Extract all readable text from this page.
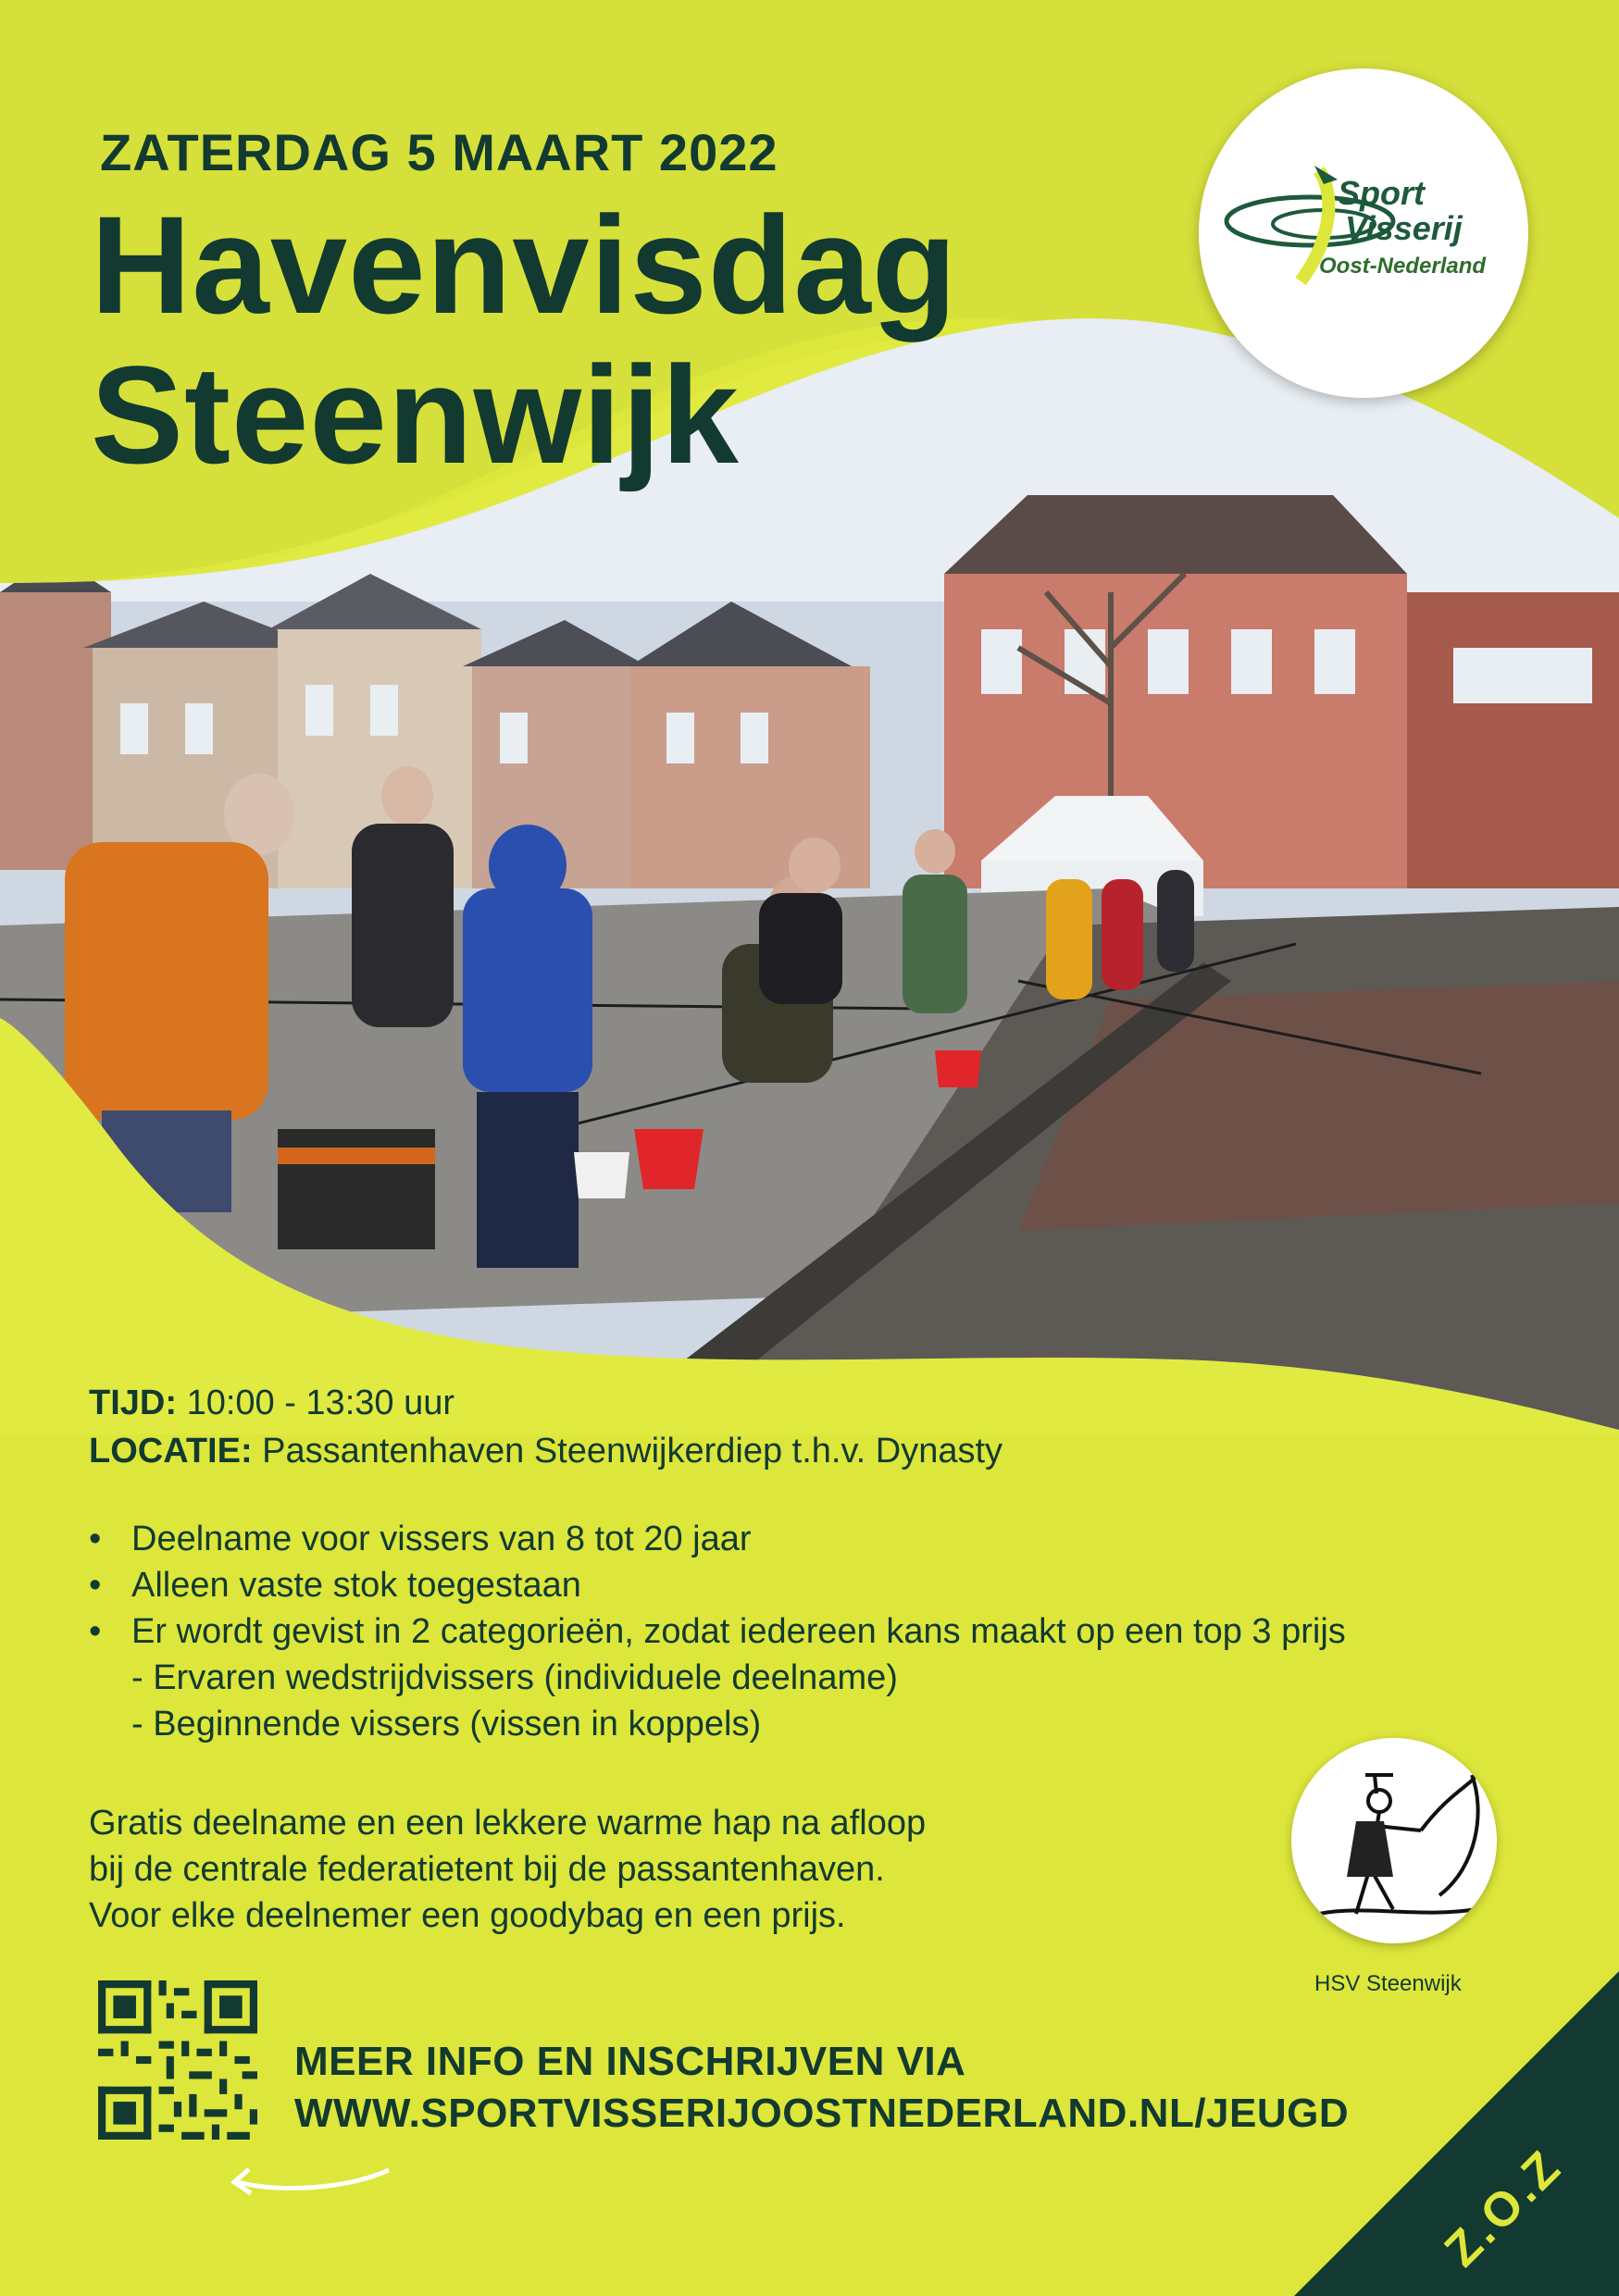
Sport
Visserij
Oost-Nederland
ZATERDAG 5 MAART 2022
Havenvisdag
Steenwijk
TIJD: 10:00 - 13:30 uur
LOCATIE: Passantenhaven Steenwijkerdiep t.h.v. Dynasty
• Deelname voor vissers van 8 tot 20 jaar
• Alleen vaste stok toegestaan
• Er wordt gevist in 2 categorieën, zodat iedereen kans maakt op een top 3 prijs
- Ervaren wedstrijdvissers (individuele deelname)
- Beginnende vissers (vissen in koppels)
Gratis deelname en een lekkere warme hap na afloop
bij de centrale federatietent bij de passantenhaven.
Voor elke deelnemer een goodybag en een prijs.
HSV Steenwijk
MEER INFO EN INSCHRIJVEN VIA
WWW.SPORTVISSERIJOOSTNEDERLAND.NL/JEUGD
Z.O.Z
